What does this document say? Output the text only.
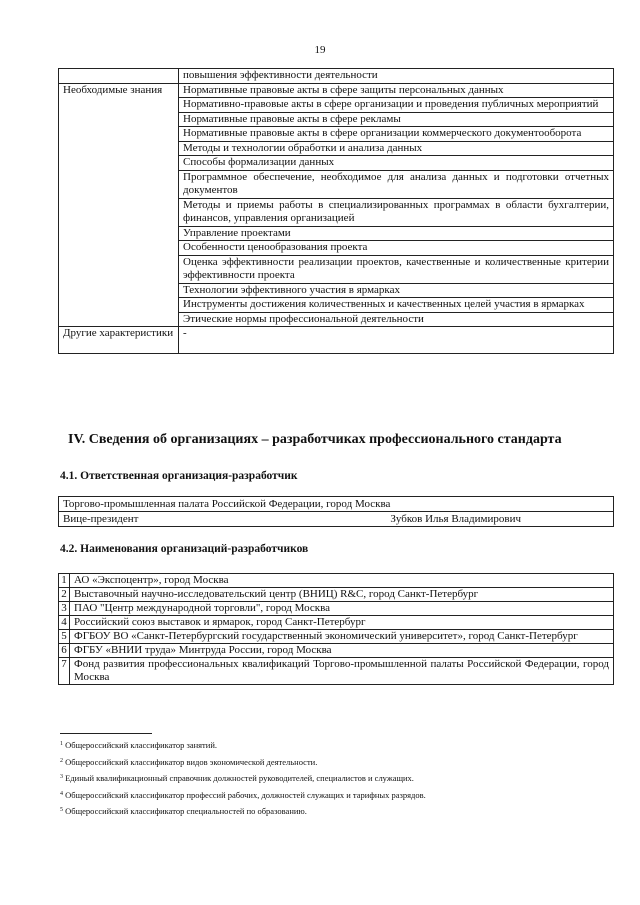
19
	повышения эффективности деятельности
Необходимые знания	Нормативные правовые акты в сфере защиты персональных данных
	Нормативно-правовые акты в сфере организации и проведения публичных мероприятий
	Нормативные правовые акты в сфере рекламы
	Нормативные правовые акты в сфере организации коммерческого документооборота
	Методы и технологии обработки и анализа данных
	Способы формализации данных
	Программное обеспечение, необходимое для анализа данных и подготовки отчетных документов
	Методы и приемы работы в специализированных программах в области бухгалтерии, финансов, управления организацией
	Управление проектами
	Особенности ценообразования проекта
	Оценка эффективности реализации проектов, качественные и количественные критерии эффективности проекта
	Технологии эффективного участия в ярмарках
	Инструменты достижения количественных и качественных целей участия в ярмарках
	Этические нормы профессиональной деятельности
Другие характеристики	-
IV. Сведения об организациях – разработчиках профессионального стандарта
4.1. Ответственная организация-разработчик
Торгово-промышленная палата Российской Федерации, город Москва

Вице-президент	Зубков Илья Владимирович
4.2. Наименования организаций-разработчиков
1	АО «Экспоцентр», город Москва
2	Выставочный научно-исследовательский центр (ВНИЦ) R&C, город Санкт-Петербург
3	ПАО "Центр международной торговли", город Москва
4	Российский союз выставок и ярмарок, город Санкт-Петербург
5	ФГБОУ ВО «Санкт-Петербургский государственный экономический университет», город Санкт-Петербург
6	ФГБУ «ВНИИ труда» Минтруда России, город Москва
7	Фонд развития профессиональных квалификаций Торгово-промышленной палаты Российской Федерации, город Москва
$^1$ Общероссийский классификатор занятий.
$^2$ Общероссийский классификатор видов экономической деятельности.
$^3$ Единый квалификационный справочник должностей руководителей, специалистов и служащих.
$^4$ Общероссийский классификатор профессий рабочих, должностей служащих и тарифных разрядов.
$^5$ Общероссийский классификатор специальностей по образованию.
